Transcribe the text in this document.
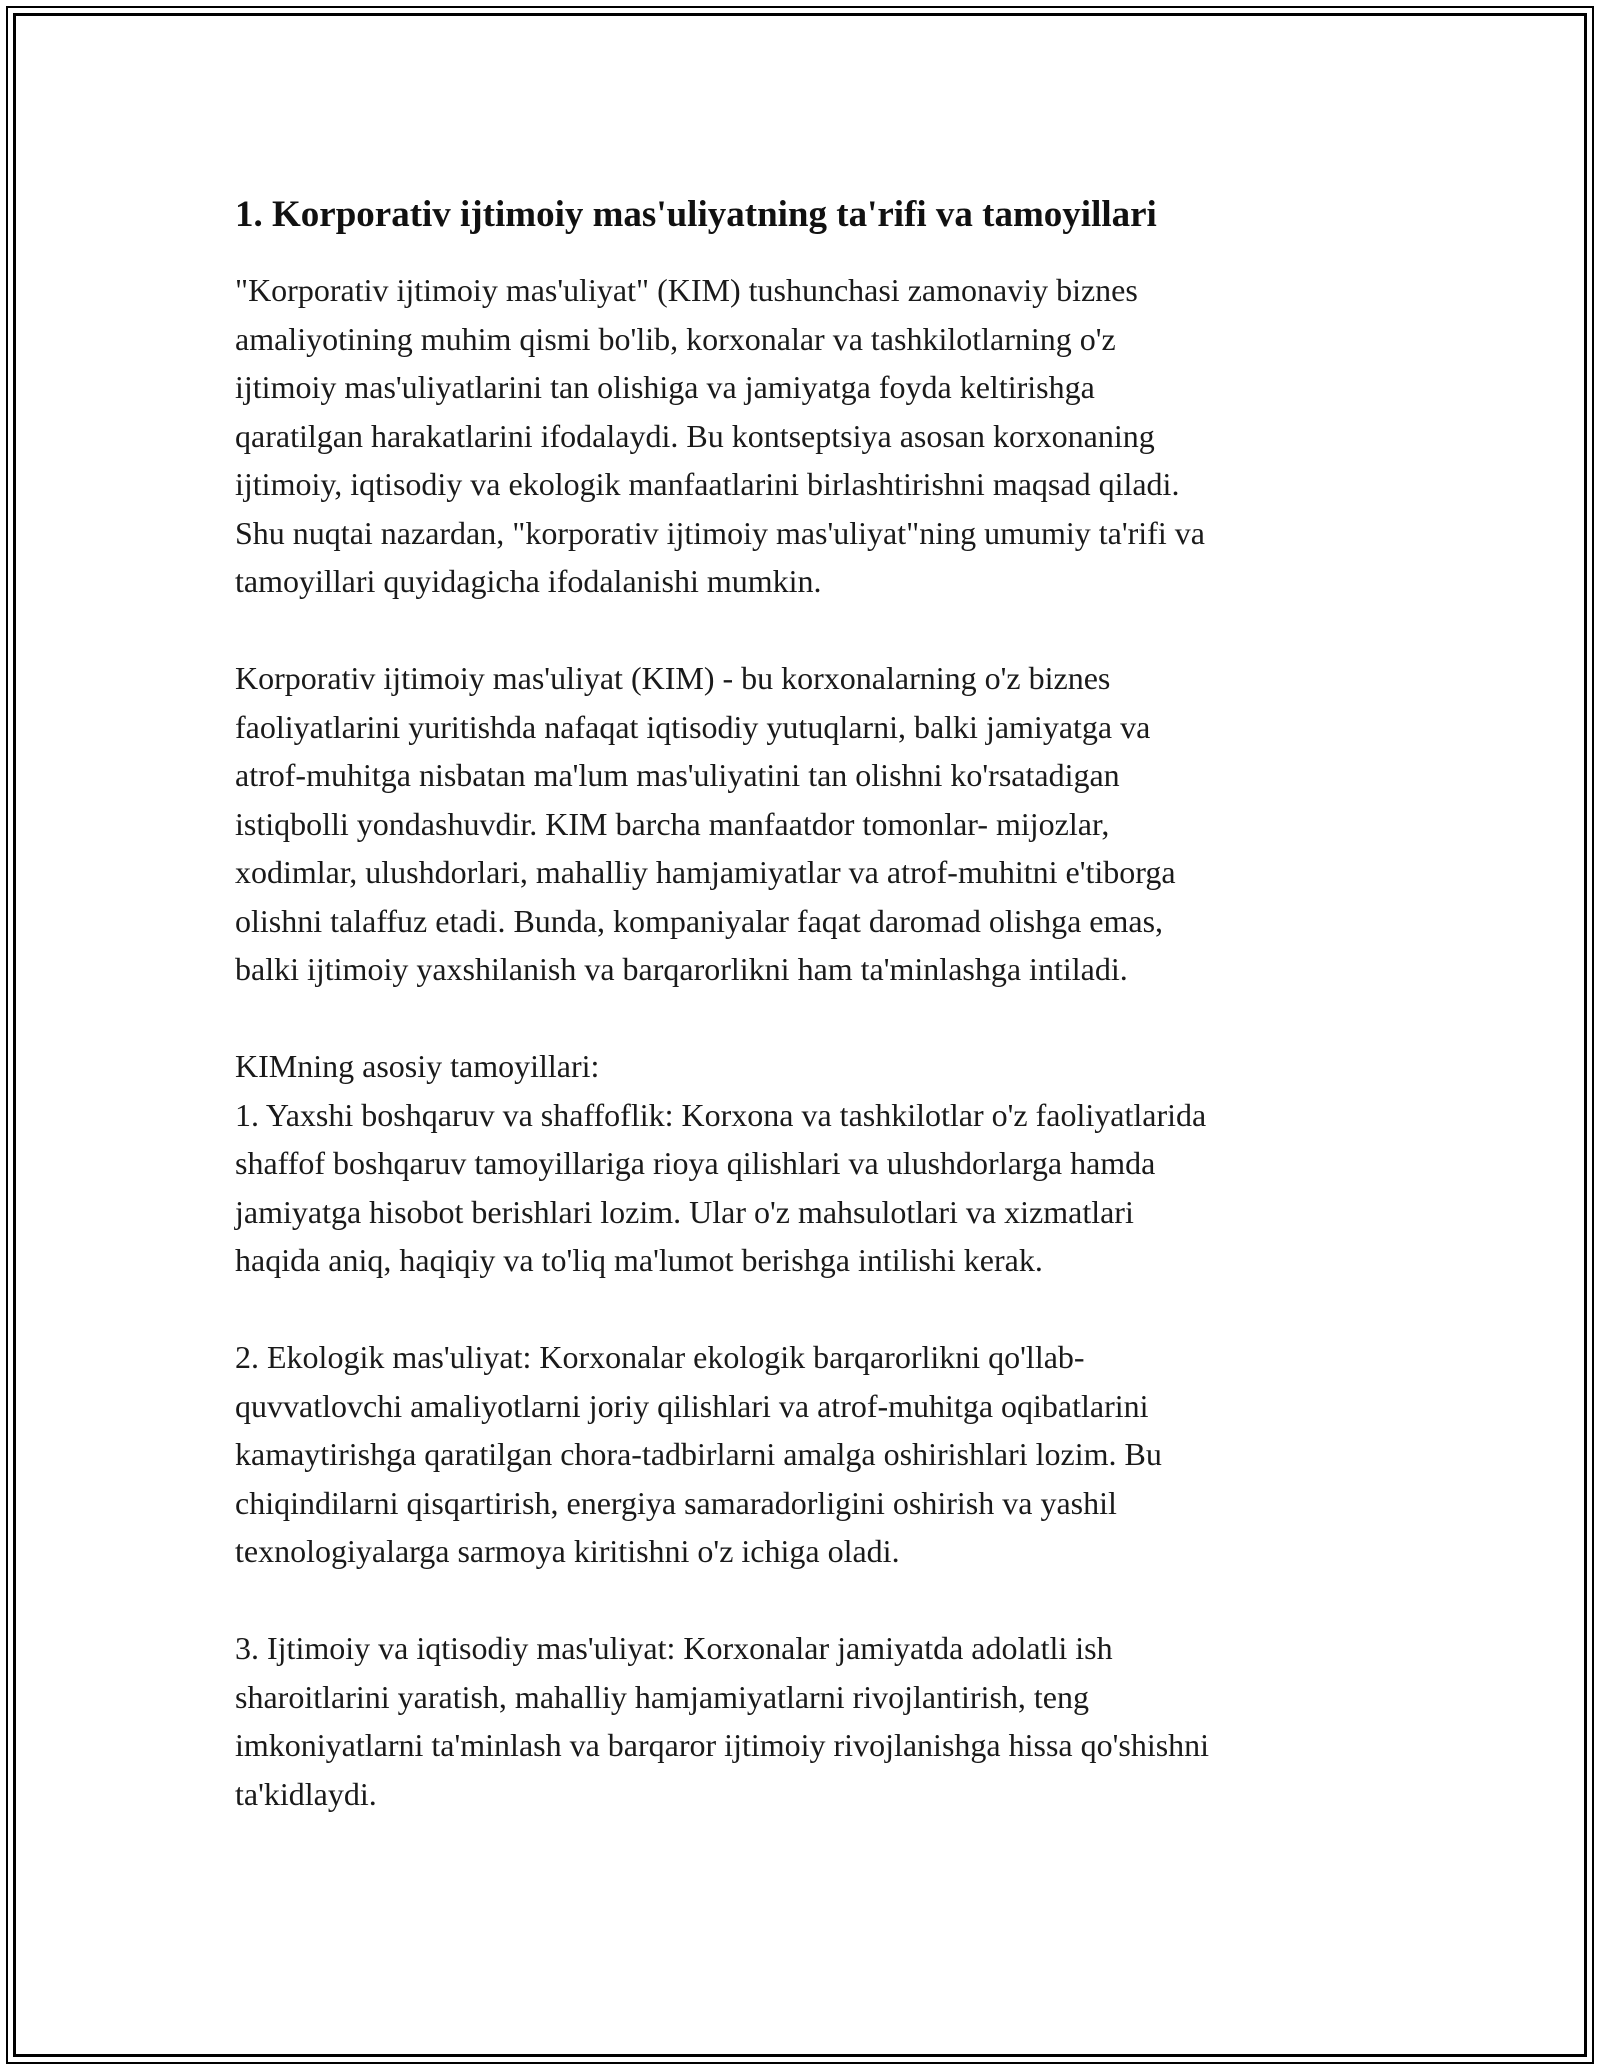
1. Korporativ ijtimoiy mas'uliyatning ta'rifi va tamoyillari

"Korporativ ijtimoiy mas'uliyat" (KIM) tushunchasi zamonaviy biznes
amaliyotining muhim qismi bo'lib, korxonalar va tashkilotlarning o'z
ijtimoiy mas'uliyatlarini tan olishiga va jamiyatga foyda keltirishga
qaratilgan harakatlarini ifodalaydi. Bu kontseptsiya asosan korxonaning
ijtimoiy, iqtisodiy va ekologik manfaatlarini birlashtirishni maqsad qiladi.
Shu nuqtai nazardan, "korporativ ijtimoiy mas'uliyat"ning umumiy ta'rifi va
tamoyillari quyidagicha ifodalanishi mumkin.

Korporativ ijtimoiy mas'uliyat (KIM) - bu korxonalarning o'z biznes
faoliyatlarini yuritishda nafaqat iqtisodiy yutuqlarni, balki jamiyatga va
atrof-muhitga nisbatan ma'lum mas'uliyatini tan olishni ko'rsatadigan
istiqbolli yondashuvdir. KIM barcha manfaatdor tomonlar- mijozlar,
xodimlar, ulushdorlari, mahalliy hamjamiyatlar va atrof-muhitni e'tiborga
olishni talaffuz etadi. Bunda, kompaniyalar faqat daromad olishga emas,
balki ijtimoiy yaxshilanish va barqarorlikni ham ta'minlashga intiladi.

KIMning asosiy tamoyillari:
1. Yaxshi boshqaruv va shaffoflik: Korxona va tashkilotlar o'z faoliyatlarida
shaffof boshqaruv tamoyillariga rioya qilishlari va ulushdorlarga hamda
jamiyatga hisobot berishlari lozim. Ular o'z mahsulotlari va xizmatlari
haqida aniq, haqiqiy va to'liq ma'lumot berishga intilishi kerak.

2. Ekologik mas'uliyat: Korxonalar ekologik barqarorlikni qo'llab-
quvvatlovchi amaliyotlarni joriy qilishlari va atrof-muhitga oqibatlarini
kamaytirishga qaratilgan chora-tadbirlarni amalga oshirishlari lozim. Bu
chiqindilarni qisqartirish, energiya samaradorligini oshirish va yashil
texnologiyalarga sarmoya kiritishni o'z ichiga oladi.

3. Ijtimoiy va iqtisodiy mas'uliyat: Korxonalar jamiyatda adolatli ish
sharoitlarini yaratish, mahalliy hamjamiyatlarni rivojlantirish, teng
imkoniyatlarni ta'minlash va barqaror ijtimoiy rivojlanishga hissa qo'shishni
ta'kidlaydi.
